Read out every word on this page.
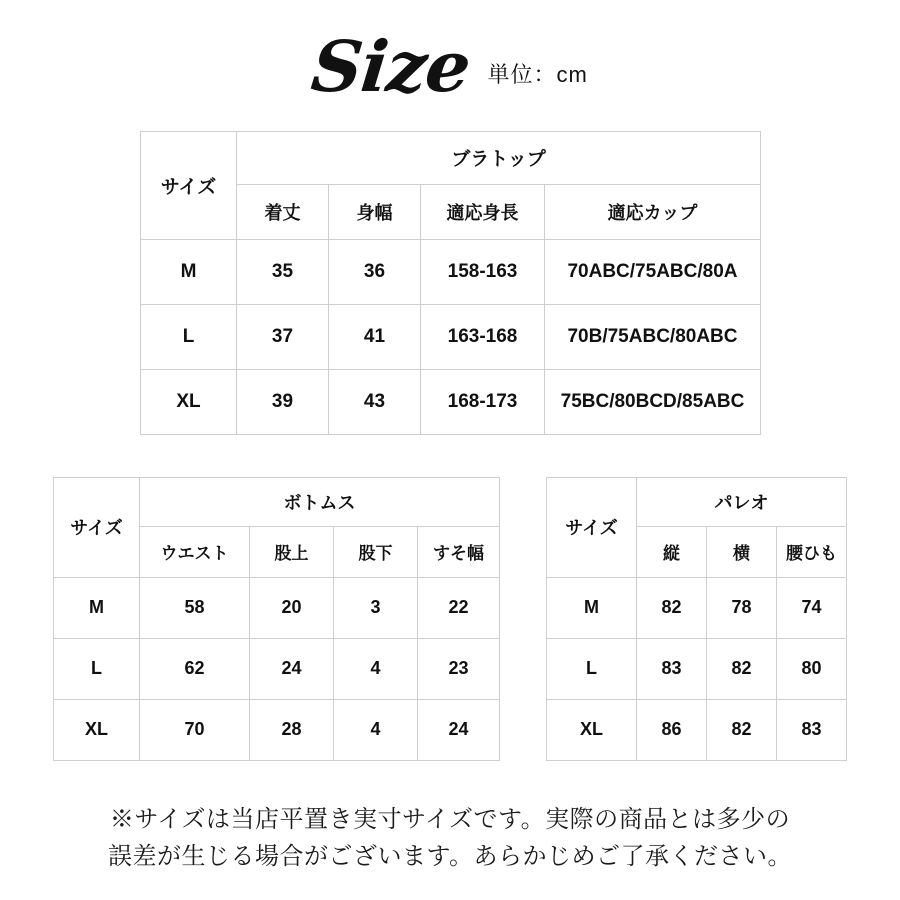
Size 単位：cm
サイズ	ブラトップ			
	着丈	身幅	適応身長	適応カップ
M	35	36	158-163	70ABC/75ABC/80A
L	37	41	163-168	70B/75ABC/80ABC
XL	39	43	168-173	75BC/80BCD/85ABC
サイズ	ボトムス			
	ウエスト	股上	股下	すそ幅
M	58	20	3	22
L	62	24	4	23
XL	70	28	4	24
サイズ	パレオ		
	縦	横	腰ひも
M	82	78	74
L	83	82	80
XL	86	82	83
※サイズは当店平置き実寸サイズです。実際の商品とは多少の
誤差が生じる場合がございます。あらかじめご了承ください。
